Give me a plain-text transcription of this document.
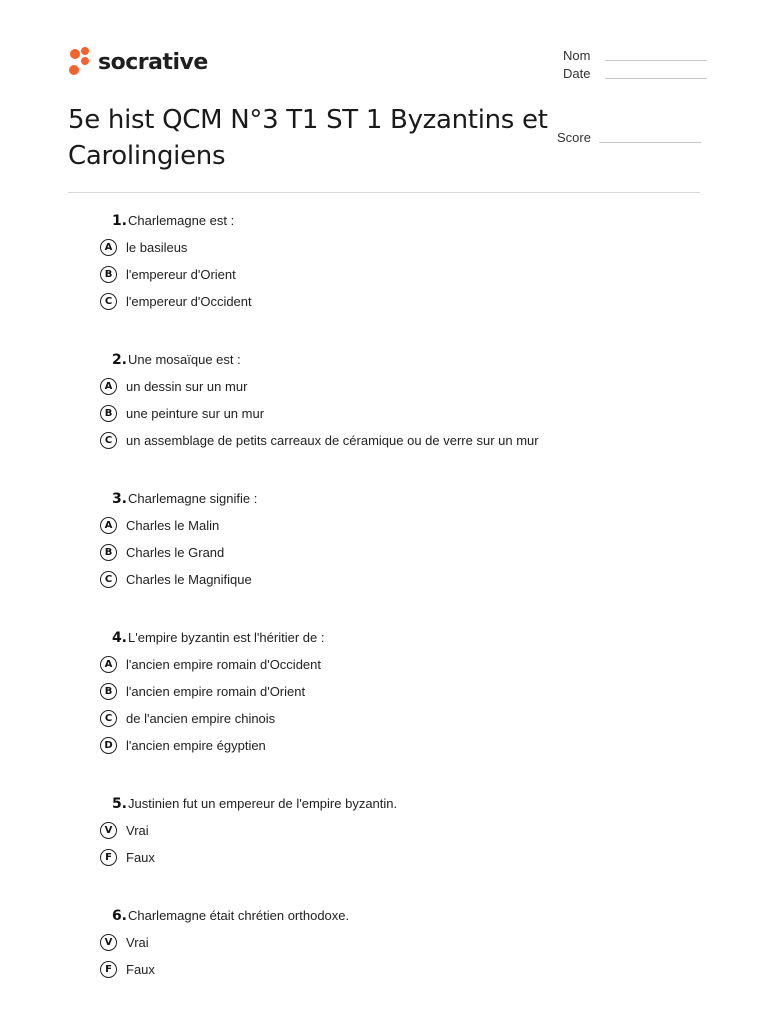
socrative	Nom
Date
Score
5e hist QCM N°3 T1 ST 1 Byzantins et Carolingiens
1. Charlemagne est :
A	le basileus
B	l'empereur d'Orient
C	l'empereur d'Occident
2. Une mosaïque est :
A	un dessin sur un mur
B	une peinture sur un mur
C	un assemblage de petits carreaux de céramique ou de verre sur un mur
3. Charlemagne signifie :
A	Charles le Malin
B	Charles le Grand
C	Charles le Magnifique
4. L'empire byzantin est l'héritier de :
A	l'ancien empire romain d'Occident
B	l'ancien empire romain d'Orient
C	de l'ancien empire chinois
D	l'ancien empire égyptien
5. Justinien fut un empereur de l'empire byzantin.
V	Vrai
F	Faux
6. Charlemagne était chrétien orthodoxe.
V	Vrai
F	Faux
